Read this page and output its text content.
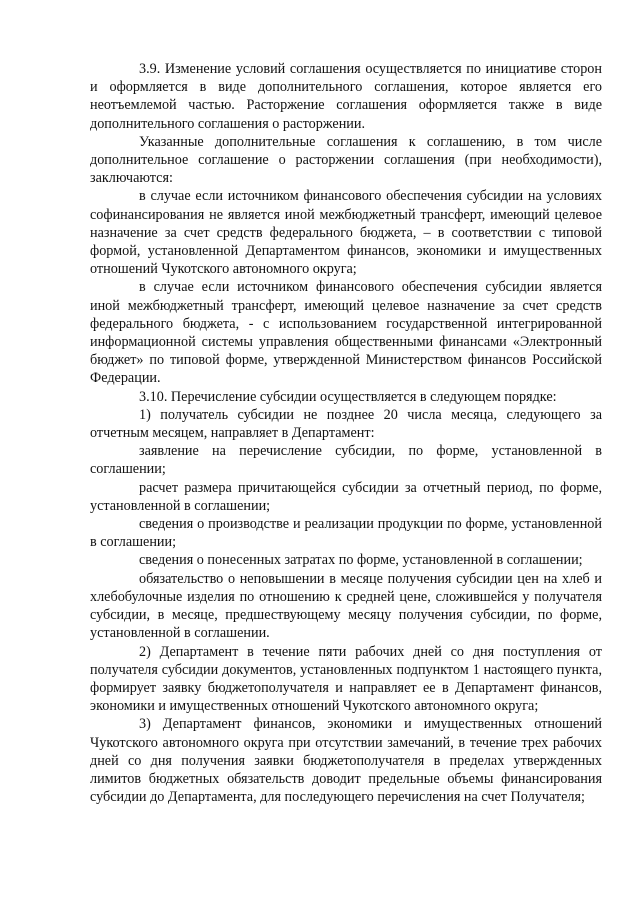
3.9. Изменение условий соглашения осуществляется по инициативе сторон и оформляется в виде дополнительного соглашения, которое является его неотъемлемой частью. Расторжение соглашения оформляется также в виде дополнительного соглашения о расторжении.

Указанные дополнительные соглашения к соглашению, в том числе дополнительное соглашение о расторжении соглашения (при необходимости), заключаются:

в случае если источником финансового обеспечения субсидии на условиях софинансирования не является иной межбюджетный трансферт, имеющий целевое назначение за счет средств федерального бюджета, – в соответствии с типовой формой, установленной Департаментом финансов, экономики и имущественных отношений Чукотского автономного округа;

в случае если источником финансового обеспечения субсидии является иной межбюджетный трансферт, имеющий целевое назначение за счет средств федерального бюджета, - с использованием государственной интегрированной информационной системы управления общественными финансами «Электронный бюджет» по типовой форме, утвержденной Министерством финансов Российской Федерации.

3.10. Перечисление субсидии осуществляется в следующем порядке:

1) получатель субсидии не позднее 20 числа месяца, следующего за отчетным месяцем, направляет в Департамент:

заявление на перечисление субсидии, по форме, установленной в соглашении;

расчет размера причитающейся субсидии за отчетный период, по форме, установленной в соглашении;

сведения о производстве и реализации продукции по форме, установленной в соглашении;

сведения о понесенных затратах по форме, установленной в соглашении;

обязательство о неповышении в месяце получения субсидии цен на хлеб и хлебобулочные изделия по отношению к средней цене, сложившейся у получателя субсидии, в месяце, предшествующему месяцу получения субсидии, по форме, установленной в соглашении.

2) Департамент в течение пяти рабочих дней со дня поступления от получателя субсидии документов, установленных подпунктом 1 настоящего пункта, формирует заявку бюджетополучателя и направляет ее в Департамент финансов, экономики и имущественных отношений Чукотского автономного округа;

3) Департамент финансов, экономики и имущественных отношений Чукотского автономного округа при отсутствии замечаний, в течение трех рабочих дней со дня получения заявки бюджетополучателя в пределах утвержденных лимитов бюджетных обязательств доводит предельные объемы финансирования субсидии до Департамента, для последующего перечисления на счет Получателя;
